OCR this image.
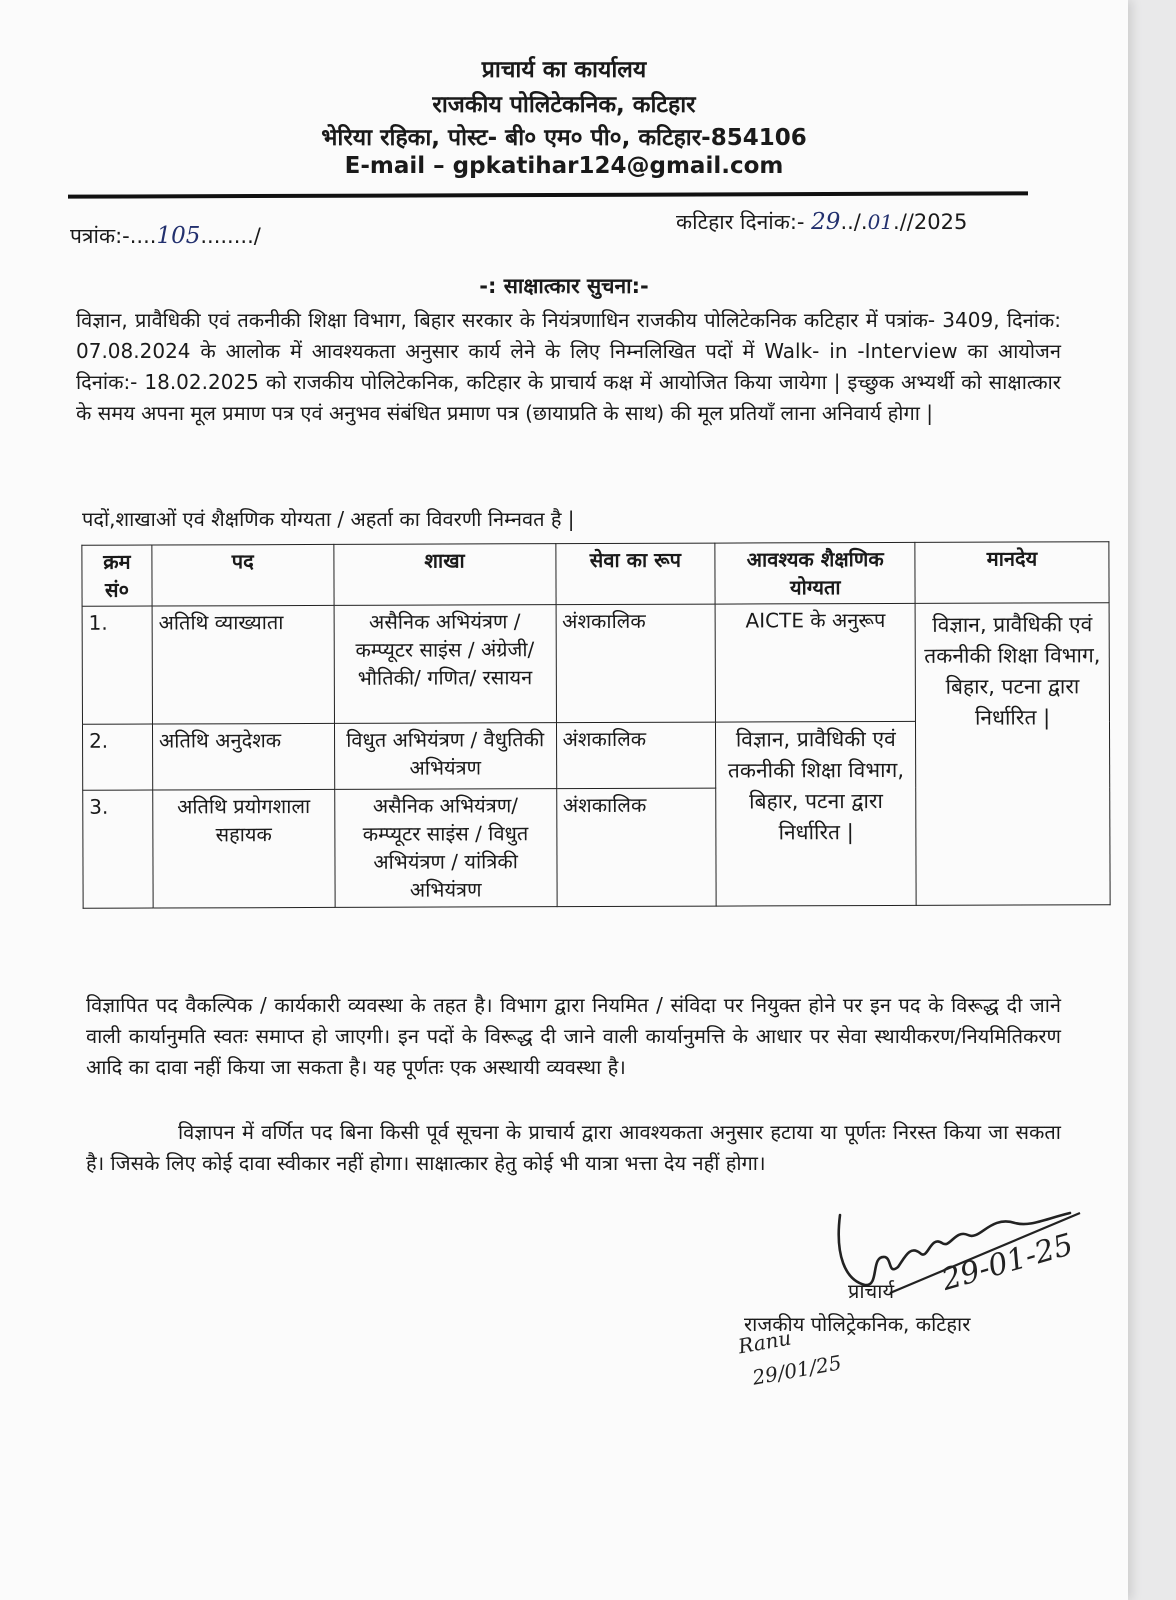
प्राचार्य का कार्यालय
राजकीय पोलिटेकनिक, कटिहार
भेरिया रहिका, पोस्ट- बी० एम० पी०, कटिहार-854106
E-mail – gpkatihar124@gmail.com
पत्रांक:-....105......../
कटिहार दिनांक:- 29../.01.//2025
-: साक्षात्कार सुचना:-
विज्ञान, प्रावैधिकी एवं तकनीकी शिक्षा विभाग, बिहार सरकार के नियंत्रणाधिन राजकीय पोलिटेकनिक कटिहार में पत्रांक- 3409, दिनांक: 07.08.2024 के आलोक में आवश्यकता अनुसार कार्य लेने के लिए निम्नलिखित पदों में Walk- in -Interview का आयोजन दिनांक:- 18.02.2025 को राजकीय पोलिटेकनिक, कटिहार के प्राचार्य कक्ष में आयोजित किया जायेगा | इच्छुक अभ्यर्थी को साक्षात्कार के समय अपना मूल प्रमाण पत्र एवं अनुभव संबंधित प्रमाण पत्र (छायाप्रति के साथ) की मूल प्रतियाँ लाना अनिवार्य होगा |
पदों,शाखाओं एवं शैक्षणिक योग्यता / अहर्ता का विवरणी निम्नवत है |
क्रम सं०	पद	शाखा	सेवा का रूप	आवश्यक शैक्षणिक योग्यता	मानदेय
1.	अतिथि व्याख्याता	असैनिक अभियंत्रण / कम्प्यूटर साइंस / अंग्रेजी/भौतिकी/ गणित/ रसायन	अंशकालिक	AICTE के अनुरूप	विज्ञान, प्रावैधिकी एवं तकनीकी शिक्षा विभाग, बिहार, पटना द्वारा निर्धारित |
2.	अतिथि अनुदेशक	विधुत अभियंत्रण / वैधुतिकी अभियंत्रण	अंशकालिक	विज्ञान, प्रावैधिकी एवं तकनीकी शिक्षा विभाग, बिहार, पटना द्वारा निर्धारित |	
3.	अतिथि प्रयोगशाला सहायक	असैनिक अभियंत्रण/ कम्प्यूटर साइंस / विधुत अभियंत्रण / यांत्रिकी अभियंत्रण	अंशकालिक		
विज्ञापित पद वैकल्पिक / कार्यकारी व्यवस्था के तहत है। विभाग द्वारा नियमित / संविदा पर नियुक्त होने पर इन पद के विरूद्ध दी जाने वाली कार्यानुमति स्वतः समाप्त हो जाएगी। इन पदों के विरूद्ध दी जाने वाली कार्यानुमत्ति के आधार पर सेवा स्थायीकरण/नियमितिकरण आदि का दावा नहीं किया जा सकता है। यह पूर्णतः एक अस्थायी व्यवस्था है।
विज्ञापन में वर्णित पद बिना किसी पूर्व सूचना के प्राचार्य द्वारा आवश्यकता अनुसार हटाया या पूर्णतः निरस्त किया जा सकता है। जिसके लिए कोई दावा स्वीकार नहीं होगा। साक्षात्कार हेतु कोई भी यात्रा भत्ता देय नहीं होगा।
29-01-25
प्राचार्य
राजकीय पोलिट्रेकनिक, कटिहार
Ranu
29/01/25
